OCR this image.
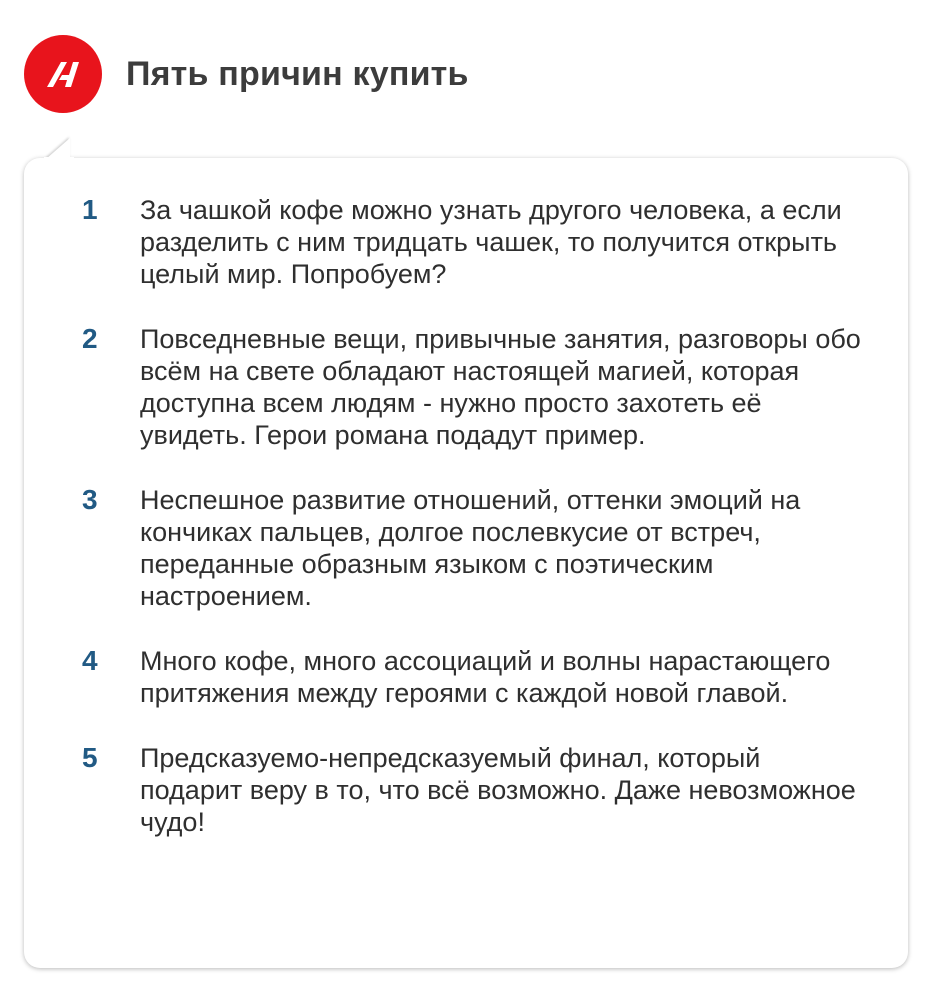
Пять причин купить
1	За чашкой кофе можно узнать другого человека, а если разделить с ним тридцать чашек, то получится открыть целый мир. Попробуем?
2	Повседневные вещи, привычные занятия, разговоры обо всём на свете обладают настоящей магией, которая доступна всем людям - нужно просто захотеть её увидеть. Герои романа подадут пример.
3	Неспешное развитие отношений, оттенки эмоций на кончиках пальцев, долгое послевкусие от встреч, переданные образным языком с поэтическим настроением.
4	Много кофе, много ассоциаций и волны нарастающего притяжения между героями с каждой новой главой.
5	Предсказуемо-непредсказуемый финал, который подарит веру в то, что всё возможно. Даже невозможное чудо!
